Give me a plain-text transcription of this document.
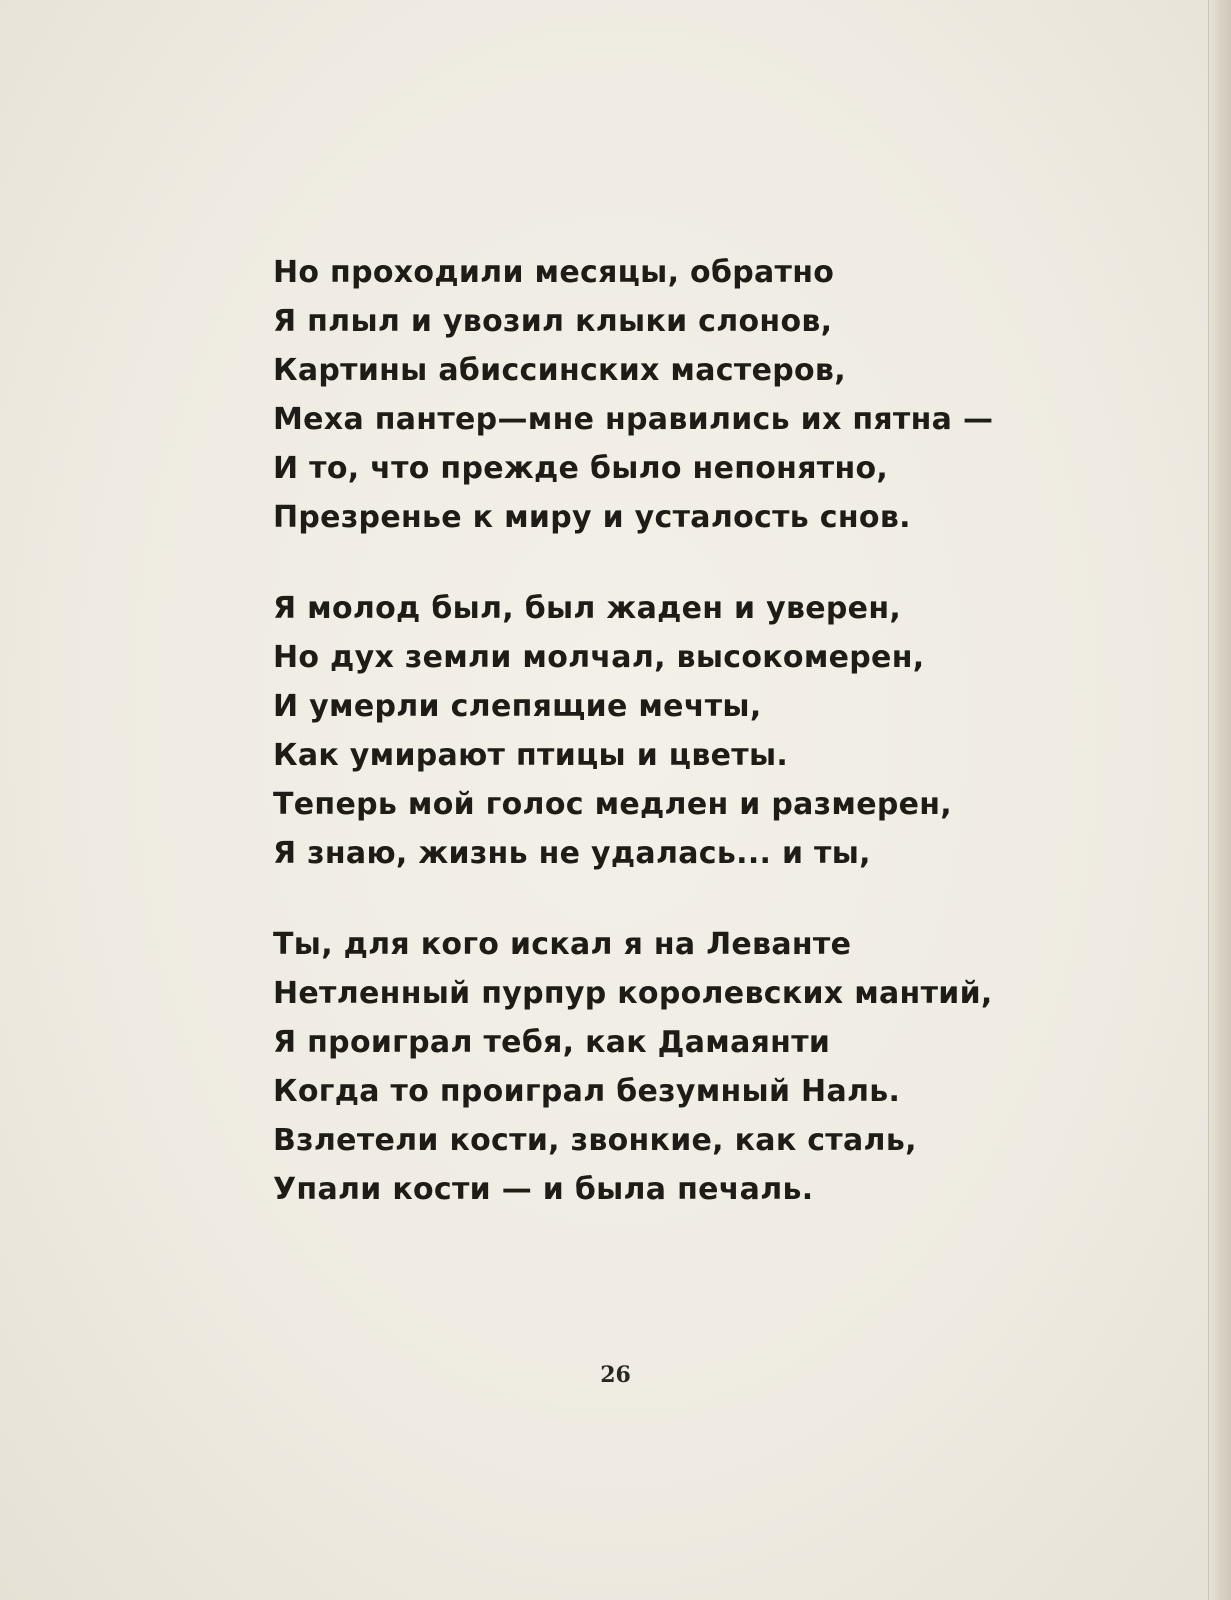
Но проходили месяцы, обратно
Я плыл и увозил клыки слонов,
Картины абиссинских мастеров,
Меха пантер—мне нравились их пятна —
И то, что прежде было непонятно,
Презренье к миру и усталость снов.
Я молод был, был жаден и уверен,
Но дух земли молчал, высокомерен,
И умерли слепящие мечты,
Как умирают птицы и цветы.
Теперь мой голос медлен и размерен,
Я знаю, жизнь не удалась... и ты,
Ты, для кого искал я на Леванте
Нетленный пурпур королевских мантий,
Я проиграл тебя, как Дамаянти
Когда то проиграл безумный Наль.
Взлетели кости, звонкие, как сталь,
Упали кости — и была печаль.
26
